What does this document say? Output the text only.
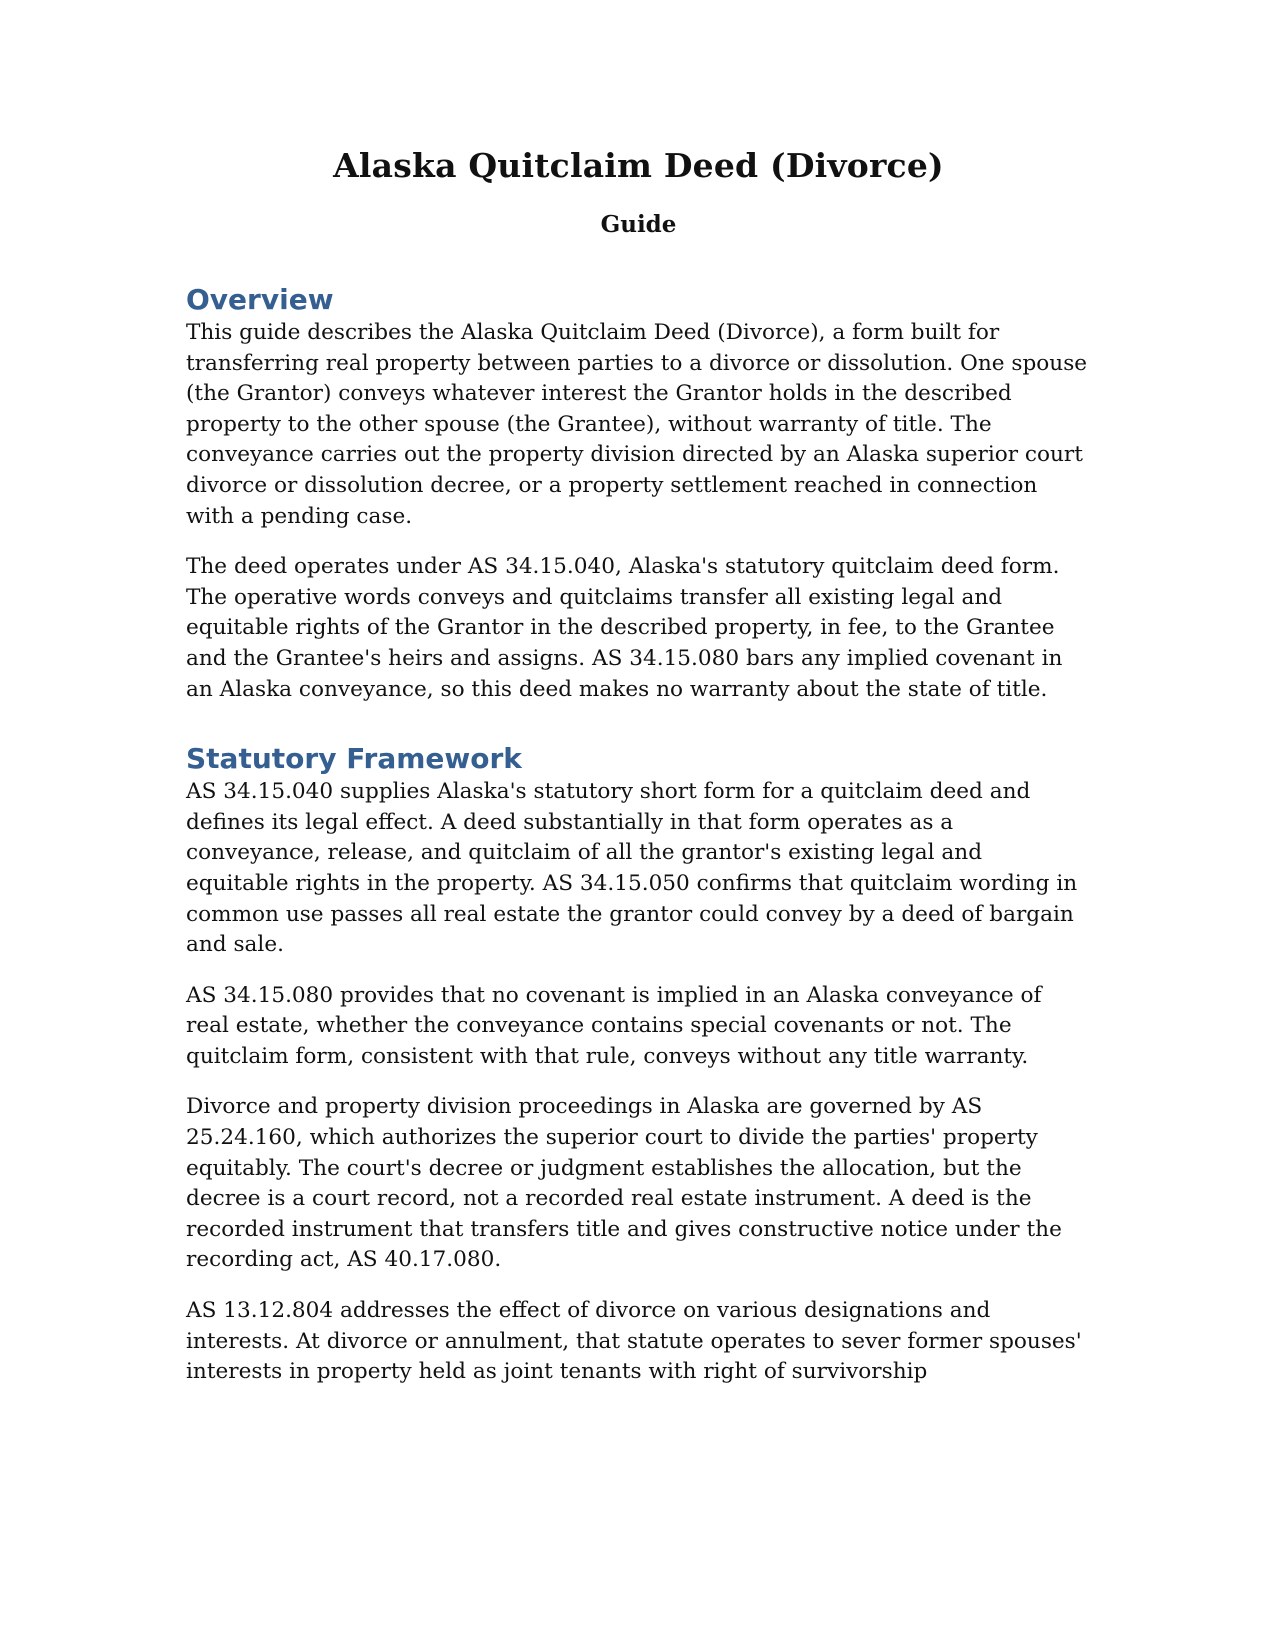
Alaska Quitclaim Deed (Divorce)
Guide
Overview

This guide describes the Alaska Quitclaim Deed (Divorce), a form built for transferring real property between parties to a divorce or dissolution. One spouse (the Grantor) conveys whatever interest the Grantor holds in the described property to the other spouse (the Grantee), without warranty of title. The conveyance carries out the property division directed by an Alaska superior court divorce or dissolution decree, or a property settlement reached in connection with a pending case.

The deed operates under AS 34.15.040, Alaska's statutory quitclaim deed form. The operative words conveys and quitclaims transfer all existing legal and equitable rights of the Grantor in the described property, in fee, to the Grantee and the Grantee's heirs and assigns. AS 34.15.080 bars any implied covenant in an Alaska conveyance, so this deed makes no warranty about the state of title.

Statutory Framework

AS 34.15.040 supplies Alaska's statutory short form for a quitclaim deed and defines its legal effect. A deed substantially in that form operates as a conveyance, release, and quitclaim of all the grantor's existing legal and equitable rights in the property. AS 34.15.050 confirms that quitclaim wording in common use passes all real estate the grantor could convey by a deed of bargain and sale.

AS 34.15.080 provides that no covenant is implied in an Alaska conveyance of real estate, whether the conveyance contains special covenants or not. The quitclaim form, consistent with that rule, conveys without any title warranty.

Divorce and property division proceedings in Alaska are governed by AS 25.24.160, which authorizes the superior court to divide the parties' property equitably. The court's decree or judgment establishes the allocation, but the decree is a court record, not a recorded real estate instrument. A deed is the recorded instrument that transfers title and gives constructive notice under the recording act, AS 40.17.080.

AS 13.12.804 addresses the effect of divorce on various designations and interests. At divorce or annulment, that statute operates to sever former spouses' interests in property held as joint tenants with right of survivorship
